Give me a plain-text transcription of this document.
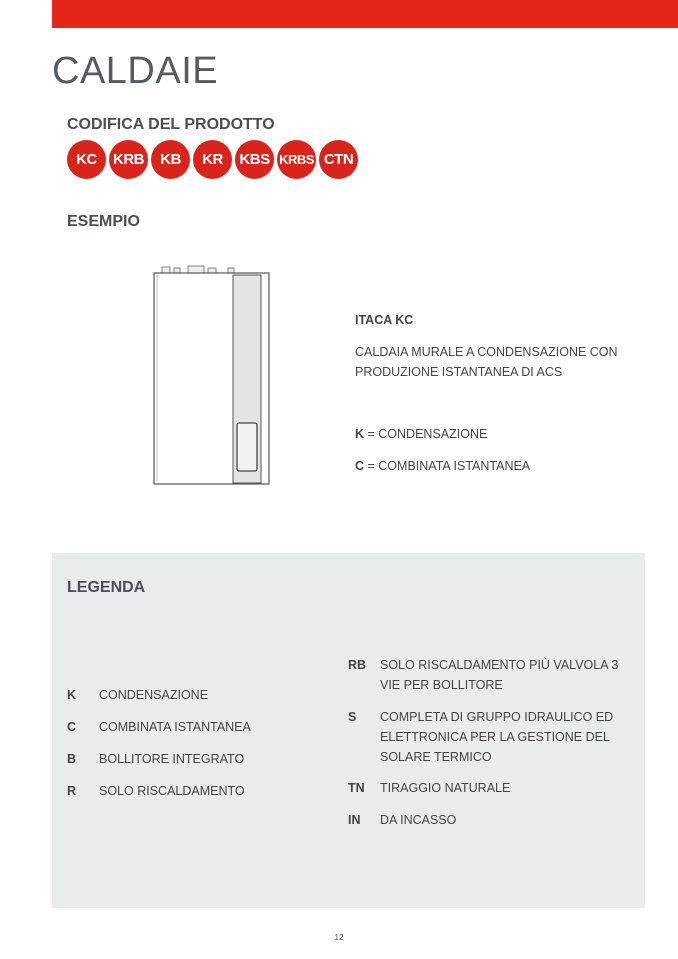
CALDAIE
CODIFICA DEL PRODOTTO
KC	KRB	KB	KR	KBS KRBS CTN
ESEMPIO

ITACA KC

CALDAIA MURALE A CONDENSAZIONE CON PRODUZIONE ISTANTANEA DI ACS

K = CONDENSAZIONE

C = COMBINATA ISTANTANEA

LEGENDA
K CONDENSAZIONE
C COMBINATA ISTANTANEA
B BOLLITORE INTEGRATO
R SOLO RISCALDAMENTO
RB SOLO RISCALDAMENTO PIÙ VALVOLA 3 VIE PER BOLLITORE
S COMPLETA DI GRUPPO IDRAULICO ED ELETTRONICA PER LA GESTIONE DEL SOLARE TERMICO
TN TIRAGGIO NATURALE
IN DA INCASSO
12
